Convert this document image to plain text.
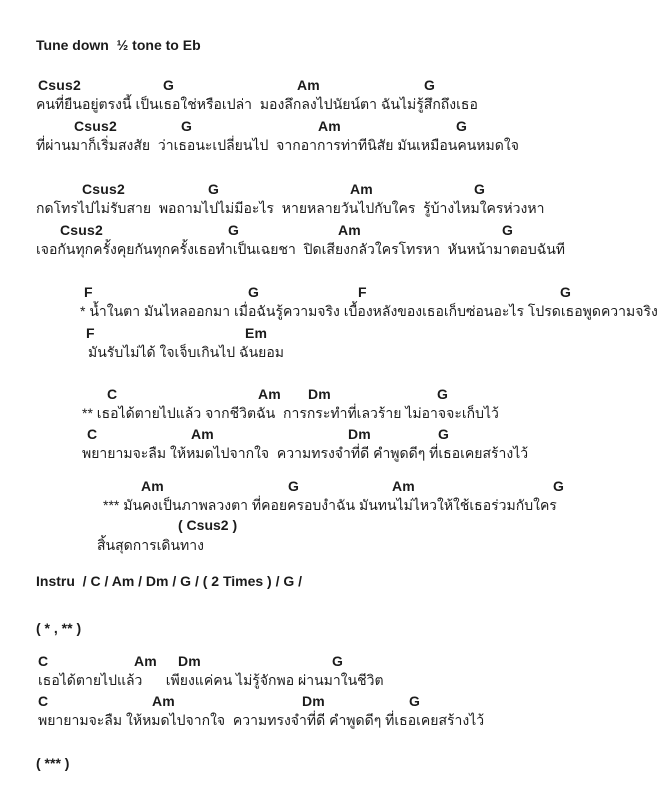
Tune down  ½ tone to Eb
Csus2	G	Am	G
คนที่ยืนอยู่ตรงนี้ เป็นเธอใช่หรือเปล่า  มองลึกลงไปนัยน์ตา ฉันไม่รู้สึกถึงเธอ
Csus2	G	Am	G
ที่ผ่านมาก็เริ่มสงสัย  ว่าเธอนะเปลี่ยนไป  จากอาการท่าทีนิสัย มันเหมือนคนหมดใจ
Csus2	G	Am	G
กดโทรไปไม่รับสาย  พอถามไปไม่มีอะไร  หายหลายวันไปกับใคร  รู้บ้างไหมใครห่วงหา
Csus2	G	Am	G
เจอกันทุกครั้งคุยกันทุกครั้งเธอทำเป็นเฉยชา  ปิดเสียงกลัวใครโทรหา  หันหน้ามาตอบฉันที
F	G	F	G
* น้ำในตา มันไหลออกมา เมื่อฉันรู้ความจริง เบื้องหลังของเธอเก็บซ่อนอะไร โปรดเธอพูดความจริง
F	Em
มันรับไม่ได้ ใจเจ็บเกินไป ฉันยอม
C	Am Dm	G
** เธอได้ตายไปแล้ว จากชีวิตฉัน  การกระทำที่เลวร้าย ไม่อาจจะเก็บไว้
C	Am	Dm	G
พยายามจะลืม ให้หมดไปจากใจ  ความทรงจำที่ดี คำพูดดีๆ ที่เธอเคยสร้างไว้
Am	G	Am	G
*** มันคงเป็นภาพลวงตา ที่คอยครอบงำฉัน มันทนไม่ไหวให้ใช้เธอร่วมกับใคร
( Csus2 )
สิ้นสุดการเดินทาง
Instru  / C / Am / Dm / G / ( 2 Times ) / G /
( * , ** )
C	Am Dm	G
เธอได้ตายไปแล้ว      เพียงแค่คน ไม่รู้จักพอ ผ่านมาในชีวิต
C	Am	Dm	G
พยายามจะลืม ให้หมดไปจากใจ  ความทรงจำที่ดี คำพูดดีๆ ที่เธอเคยสร้างไว้
( *** )
